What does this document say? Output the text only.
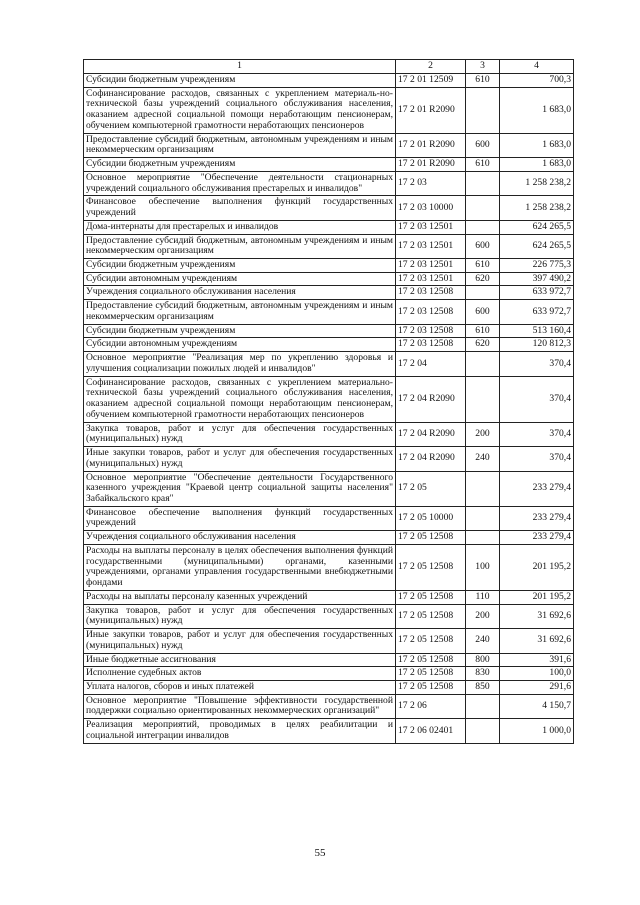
1	2	3	4
Субсидии бюджетным учреждениям	17 2 01 12509	610	700,3
Софинансирование расходов, связанных с укреплением материаль-но-технической базы учреждений социального обслуживания населения, оказанием адресной социальной помощи неработающим пенсионерам, обучением компьютерной грамотности неработающих пенсионеров	17 2 01 R2090		1 683,0
Предоставление субсидий бюджетным, автономным учреждениям и иным некоммерческим организациям	17 2 01 R2090	600	1 683,0
Субсидии бюджетным учреждениям	17 2 01 R2090	610	1 683,0
Основное мероприятие "Обеспечение деятельности стационарных учреждений социального обслуживания престарелых и инвалидов"	17 2 03		1 258 238,2
Финансовое обеспечение выполнения функций государственных учреждений	17 2 03 10000		1 258 238,2
Дома-интернаты для престарелых и инвалидов	17 2 03 12501		624 265,5
Предоставление субсидий бюджетным, автономным учреждениям и иным некоммерческим организациям	17 2 03 12501	600	624 265,5
Субсидии бюджетным учреждениям	17 2 03 12501	610	226 775,3
Субсидии автономным учреждениям	17 2 03 12501	620	397 490,2
Учреждения социального обслуживания населения	17 2 03 12508		633 972,7
Предоставление субсидий бюджетным, автономным учреждениям и иным некоммерческим организациям	17 2 03 12508	600	633 972,7
Субсидии бюджетным учреждениям	17 2 03 12508	610	513 160,4
Субсидии автономным учреждениям	17 2 03 12508	620	120 812,3
Основное мероприятие "Реализация мер по укреплению здоровья и улучшения социализации пожилых людей и инвалидов"	17 2 04		370,4
Софинансирование расходов, связанных с укреплением материально-технической базы учреждений социального обслуживания населения, оказанием адресной социальной помощи неработающим пенсионерам, обучением компьютерной грамотности неработающих пенсионеров	17 2 04 R2090		370,4
Закупка товаров, работ и услуг для обеспечения государственных (муниципальных) нужд	17 2 04 R2090	200	370,4
Иные закупки товаров, работ и услуг для обеспечения государственных (муниципальных) нужд	17 2 04 R2090	240	370,4
Основное мероприятие "Обеспечение деятельности Государственного казенного учреждения "Краевой центр социальной защиты населения" Забайкальского края"	17 2 05		233 279,4
Финансовое обеспечение выполнения функций государственных учреждений	17 2 05 10000		233 279,4
Учреждения социального обслуживания населения	17 2 05 12508		233 279,4
Расходы на выплаты персоналу в целях обеспечения выполнения функций государственными (муниципальными) органами, казенными учреждениями, органами управления государственными внебюджетными фондами	17 2 05 12508	100	201 195,2
Расходы на выплаты персоналу казенных учреждений	17 2 05 12508	110	201 195,2
Закупка товаров, работ и услуг для обеспечения государственных (муниципальных) нужд	17 2 05 12508	200	31 692,6
Иные закупки товаров, работ и услуг для обеспечения государственных (муниципальных) нужд	17 2 05 12508	240	31 692,6
Иные бюджетные ассигнования	17 2 05 12508	800	391,6
Исполнение судебных актов	17 2 05 12508	830	100,0
Уплата налогов, сборов и иных платежей	17 2 05 12508	850	291,6
Основное мероприятие "Повышение эффективности государственной поддержки социально ориентированных некоммерческих организаций"	17 2 06		4 150,7
Реализация мероприятий, проводимых в целях реабилитации и социальной интеграции инвалидов	17 2 06 02401		1 000,0
55
